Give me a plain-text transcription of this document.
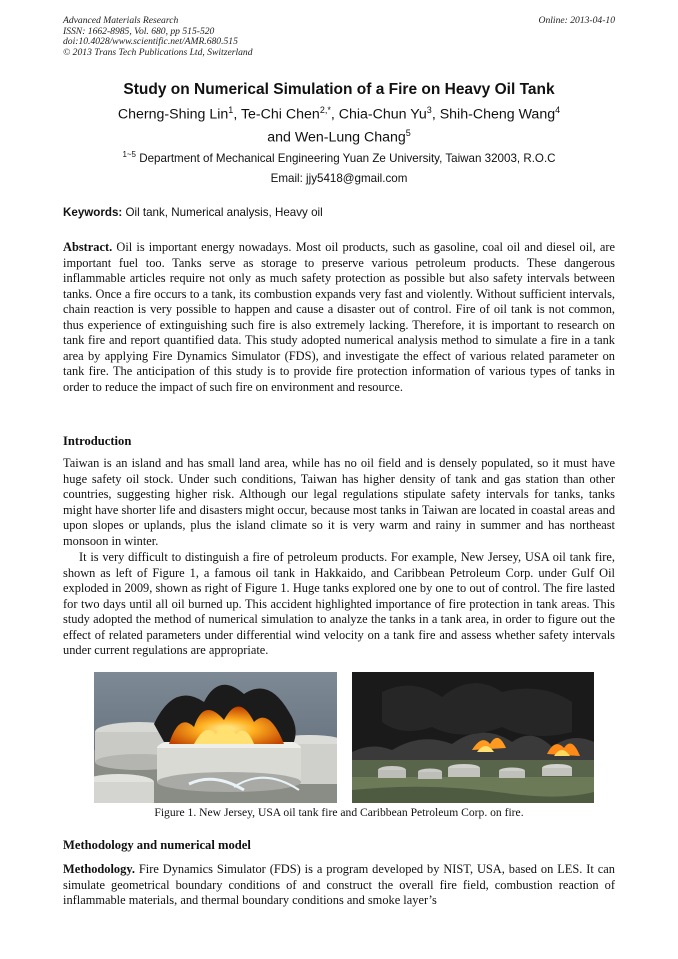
Advanced Materials Research
ISSN: 1662-8985, Vol. 680, pp 515-520
doi:10.4028/www.scientific.net/AMR.680.515
© 2013 Trans Tech Publications Ltd, Switzerland
Online: 2013-04-10
Study on Numerical Simulation of a Fire on Heavy Oil Tank
Cherng-Shing Lin$^1$, Te-Chi Chen$^{2,*}$, Chia-Chun Yu$^3$, Shih-Cheng Wang$^4$
and Wen-Lung Chang$^5$
$^{1\sim 5}$ Department of Mechanical Engineering Yuan Ze University, Taiwan 32003, R.O.C
Email: jjy5418@gmail.com
Keywords: Oil tank, Numerical analysis, Heavy oil
Abstract. Oil is important energy nowadays. Most oil products, such as gasoline, coal oil and diesel oil, are important fuel too. Tanks serve as storage to preserve various petroleum products. These dangerous inflammable articles require not only as much safety protection as possible but also safety intervals between tanks. Once a fire occurs to a tank, its combustion expands very fast and violently. Without sufficient intervals, chain reaction is very possible to happen and cause a disaster out of control. Fire of oil tank is not common, thus experience of extinguishing such fire is also extremely lacking. Therefore, it is important to research on tank fire and report quantified data. This study adopted numerical analysis method to simulate a fire in a tank area by applying Fire Dynamics Simulator (FDS), and investigate the effect of various related parameter on tank fire. The anticipation of this study is to provide fire protection information of various types of tanks in order to reduce the impact of such fire on environment and resource.
Introduction
Taiwan is an island and has small land area, while has no oil field and is densely populated, so it must have huge safety oil stock. Under such conditions, Taiwan has higher density of tank and gas station than other countries, suggesting higher risk. Although our legal regulations stipulate safety intervals for tanks, tanks might have shorter life and disasters might occur, because most tanks in Taiwan are located in coastal areas and upon slopes or uplands, plus the island climate so it is very warm and rainy in summer and has northeast monsoon in winter.
It is very difficult to distinguish a fire of petroleum products. For example, New Jersey, USA oil tank fire, shown as left of Figure 1, a famous oil tank in Hakkaido, and Caribbean Petroleum Corp. under Gulf Oil exploded in 2009, shown as right of Figure 1. Huge tanks explored one by one to out of control. The fire lasted for two days until all oil burned up. This accident highlighted importance of fire protection in tank areas. This study adopted the method of numerical simulation to analyze the tanks in a tank area, in order to figure out the effect of related parameters under differential wind velocity on a tank fire and assess whether safety intervals under current regulations are appropriate.
Figure 1. New Jersey, USA oil tank fire and Caribbean Petroleum Corp. on fire.
Methodology and numerical model
Methodology. Fire Dynamics Simulator (FDS) is a program developed by NIST, USA, based on LES. It can simulate geometrical boundary conditions of and construct the overall fire field, combustion reaction of inflammable materials, and thermal boundary conditions and smoke layer’s
